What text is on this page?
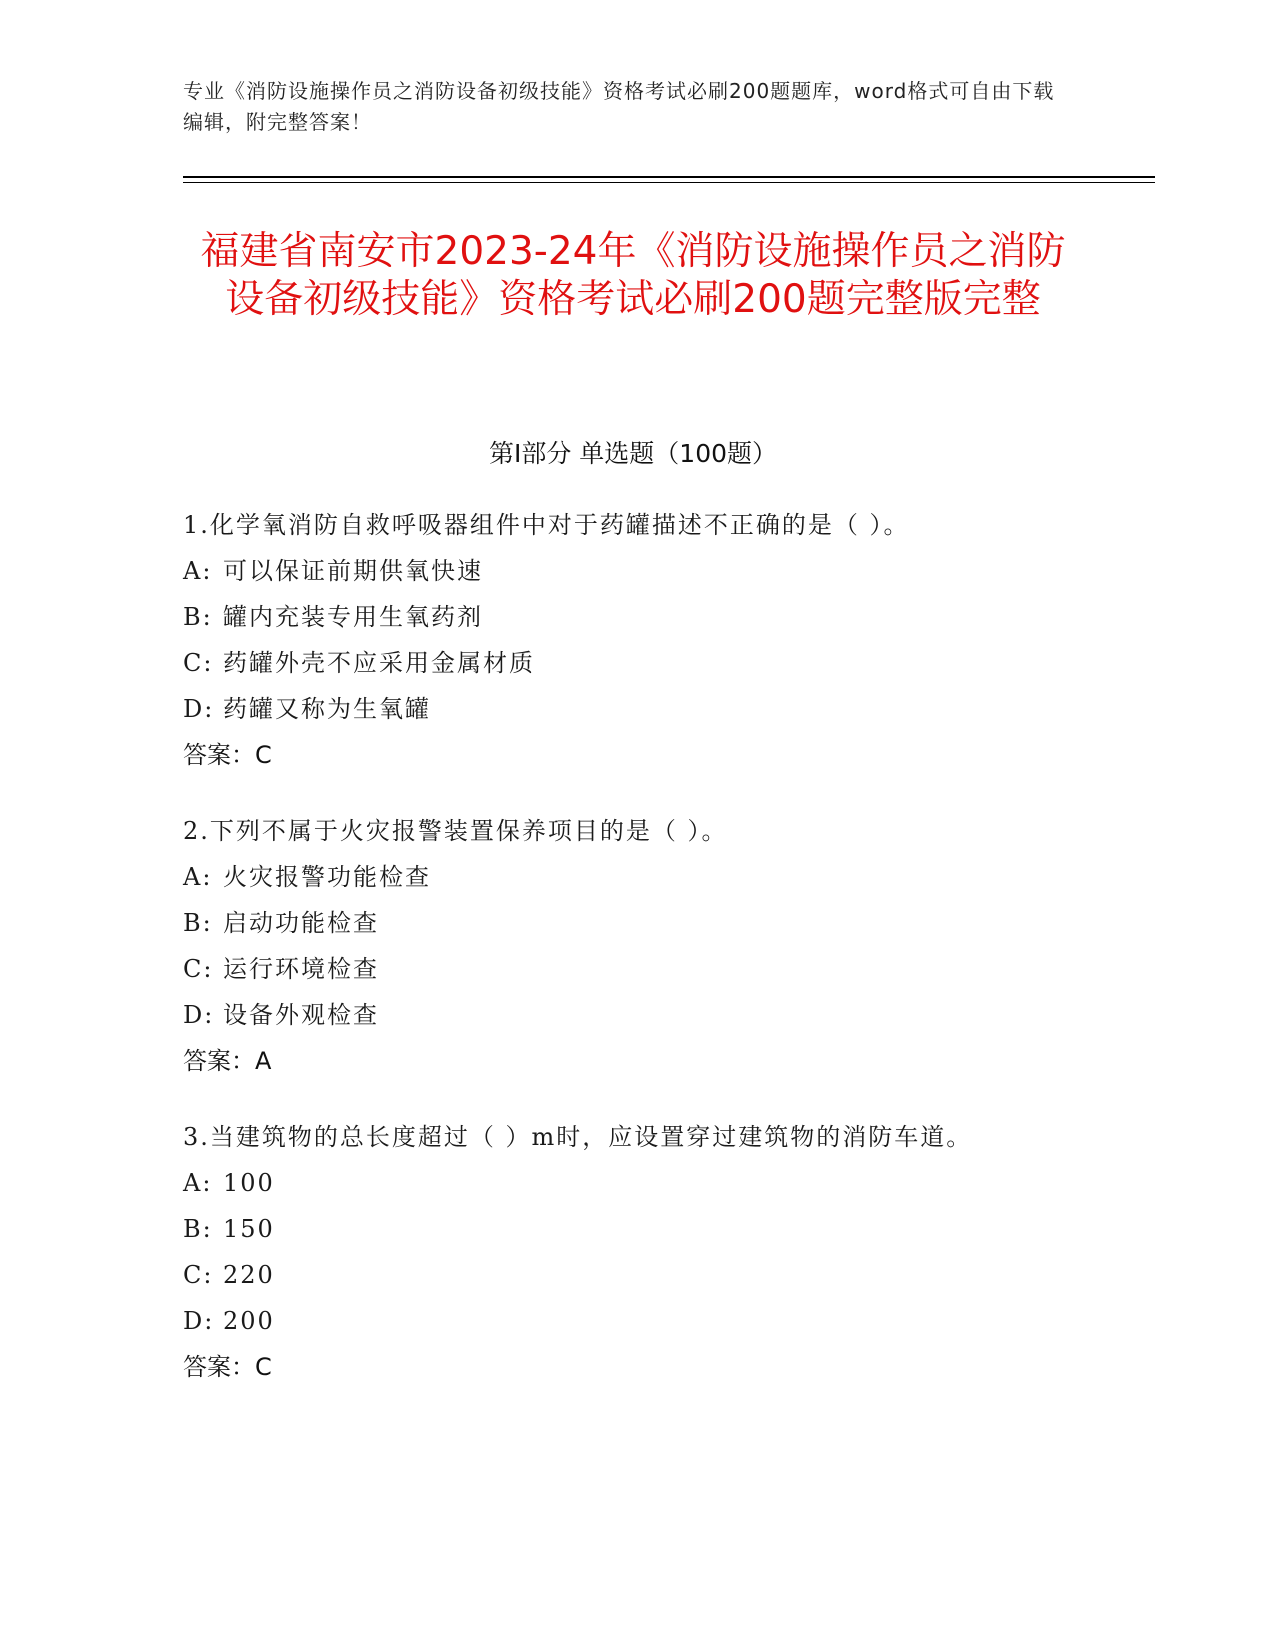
专业《消防设施操作员之消防设备初级技能》资格考试必刷200题题库，word格式可自由下载编辑，附完整答案！
福建省南安市2023-24年《消防设施操作员之消防设备初级技能》资格考试必刷200题完整版完整
第Ⅰ部分 单选题（100题）
1.化学氧消防自救呼吸器组件中对于药罐描述不正确的是（ ）。
A: 可以保证前期供氧快速
B: 罐内充装专用生氧药剂
C: 药罐外壳不应采用金属材质
D: 药罐又称为生氧罐
答案：C
2.下列不属于火灾报警装置保养项目的是（ ）。
A: 火灾报警功能检查
B: 启动功能检查
C: 运行环境检查
D: 设备外观检查
答案：A
3.当建筑物的总长度超过（ ）m时，应设置穿过建筑物的消防车道。
A: 100
B: 150
C: 220
D: 200
答案：C
